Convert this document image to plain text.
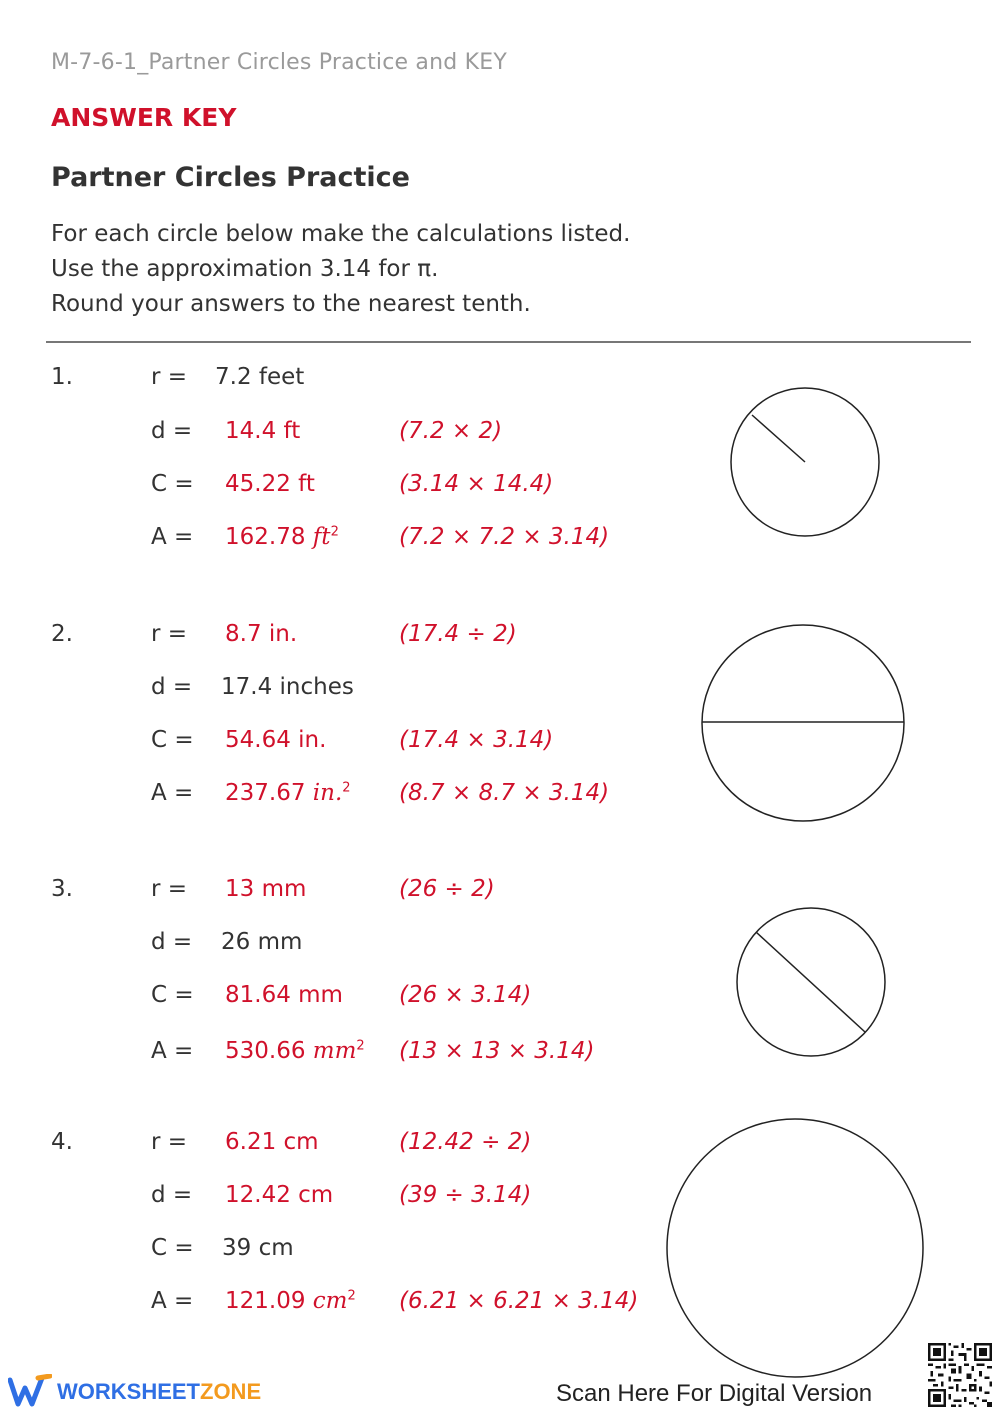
M-7-6-1_Partner Circles Practice and KEY
ANSWER KEY
Partner Circles Practice
For each circle below make the calculations listed.
Use the approximation 3.14 for π.
Round your answers to the nearest tenth.
1.	r = 7.2 feet
d = 14.4 ft	(7.2 × 2)
C = 45.22 ft	(3.14 × 14.4)
A = 162.78 $ft^2$	(7.2 × 7.2 × 3.14)
2.	r = 8.7 in.	(17.4 ÷ 2)
d = 17.4 inches
C = 54.64 in.	(17.4 × 3.14)
A = 237.67 in.$^2$ (8.7 × 8.7 × 3.14)
3.	r = 13 mm	(26 ÷ 2)
d = 26 mm
C = 81.64 mm (26 × 3.14)
A = 530.66 $mm^2$ (13 × 13 × 3.14)
4.	r = 6.21 cm	(12.42 ÷ 2)
d = 12.42 cm	(39 ÷ 3.14)
C = 39 cm
A = 121.09 $cm^2$ (6.21 × 6.21 × 3.14)
WORKSHEETZONE	Scan Here For Digital Version
